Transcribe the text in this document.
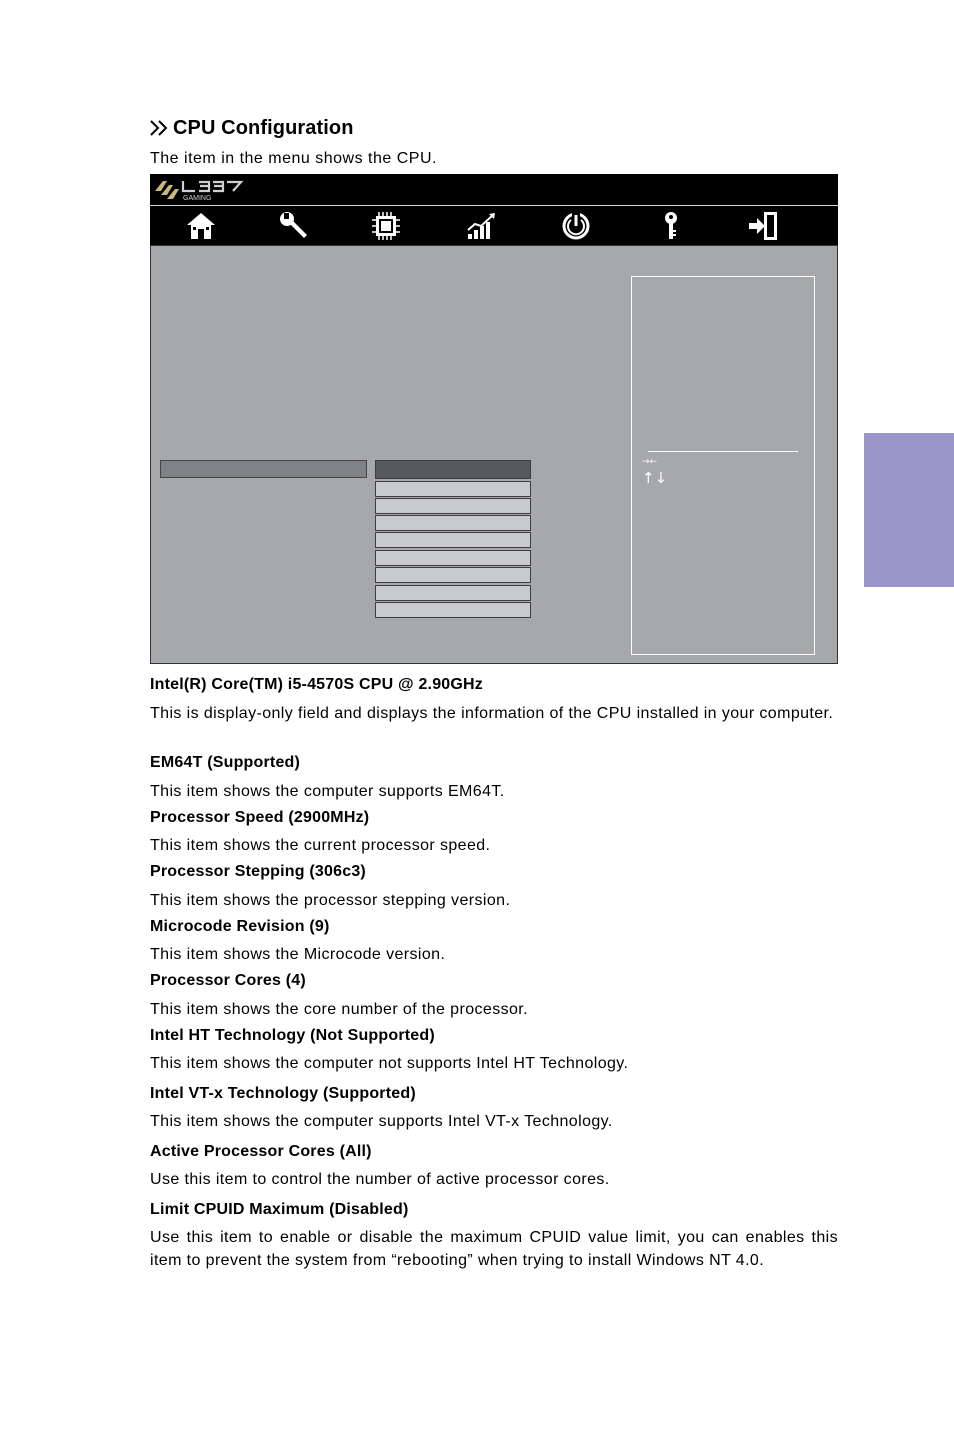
CPU Configuration
The item in the menu shows the CPU.
GAMING
→←
↑↓
Intel(R) Core(TM) i5-4570S CPU @ 2.90GHz
This is display-only field and displays the information of the CPU installed in your computer.
EM64T (Supported)
This item shows the computer supports EM64T.
Processor Speed (2900MHz)
This item shows the current processor speed.
Processor Stepping (306c3)
This item shows the processor stepping version.
Microcode Revision (9)
This item shows the Microcode version.
Processor Cores (4)
This item shows the core number of the processor.
Intel HT Technology (Not Supported)
This item shows the computer not supports Intel HT Technology.
Intel VT-x Technology (Supported)
This item shows the computer supports Intel VT-x Technology.
Active Processor Cores (All)
Use this item to control the number of active processor cores.
Limit CPUID Maximum (Disabled)
Use this item to enable or disable the maximum CPUID value limit, you can enables this item to prevent the system from “rebooting” when trying to install Windows NT 4.0.
